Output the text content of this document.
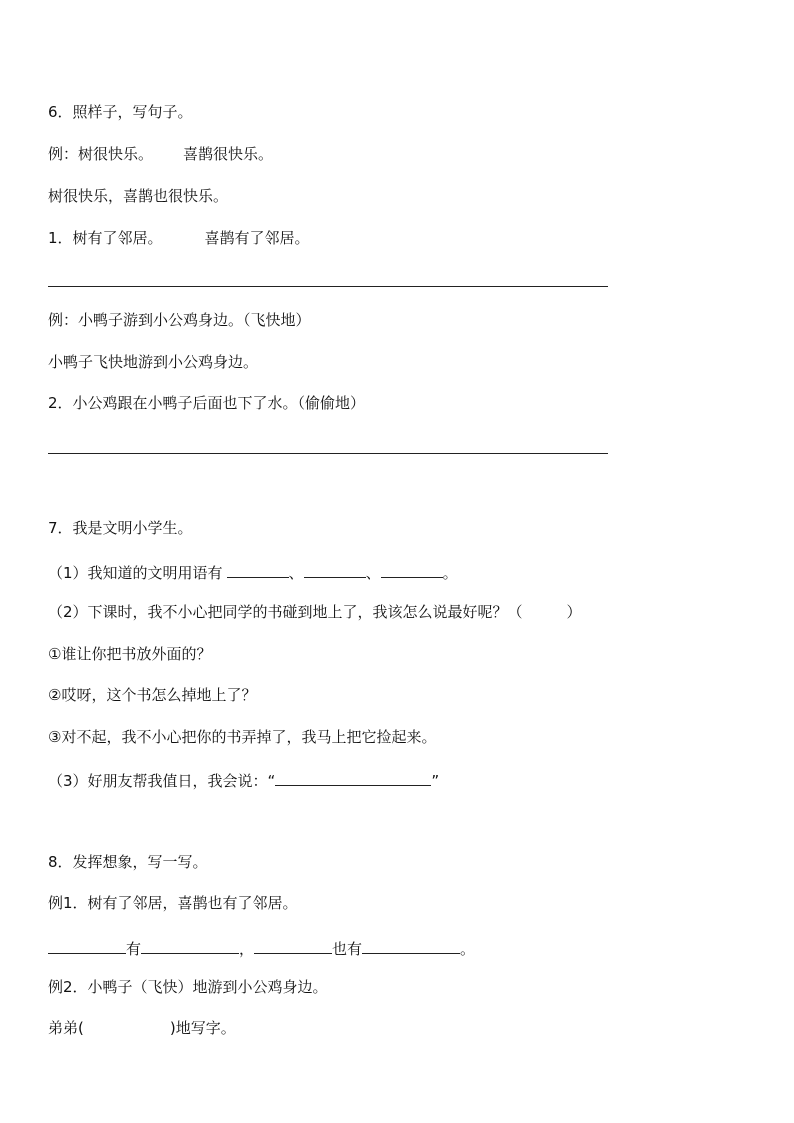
6．照样子，写句子。
例：树很快乐。 喜鹊很快乐。
树很快乐，喜鹊也很快乐。
1．树有了邻居。	喜鹊有了邻居。
例：小鸭子游到小公鸡身边。（飞快地）
小鸭子飞快地游到小公鸡身边。
2．小公鸡跟在小鸭子后面也下了水。（偷偷地）
7．我是文明小学生。
（1）我知道的文明用语有	、	、	。
（2）下课时，我不小心把同学的书碰到地上了，我该怎么说最好呢？（	）
①谁让你把书放外面的？
②哎呀，这个书怎么掉地上了？
③对不起，我不小心把你的书弄掉了，我马上把它捡起来。
（3）好朋友帮我值日，我会说：“	”
8．发挥想象，写一写。
例1．树有了邻居，喜鹊也有了邻居。
有	，	也有	。
例2．小鸭子（飞快）地游到小公鸡身边。
弟弟(	)地写字。
